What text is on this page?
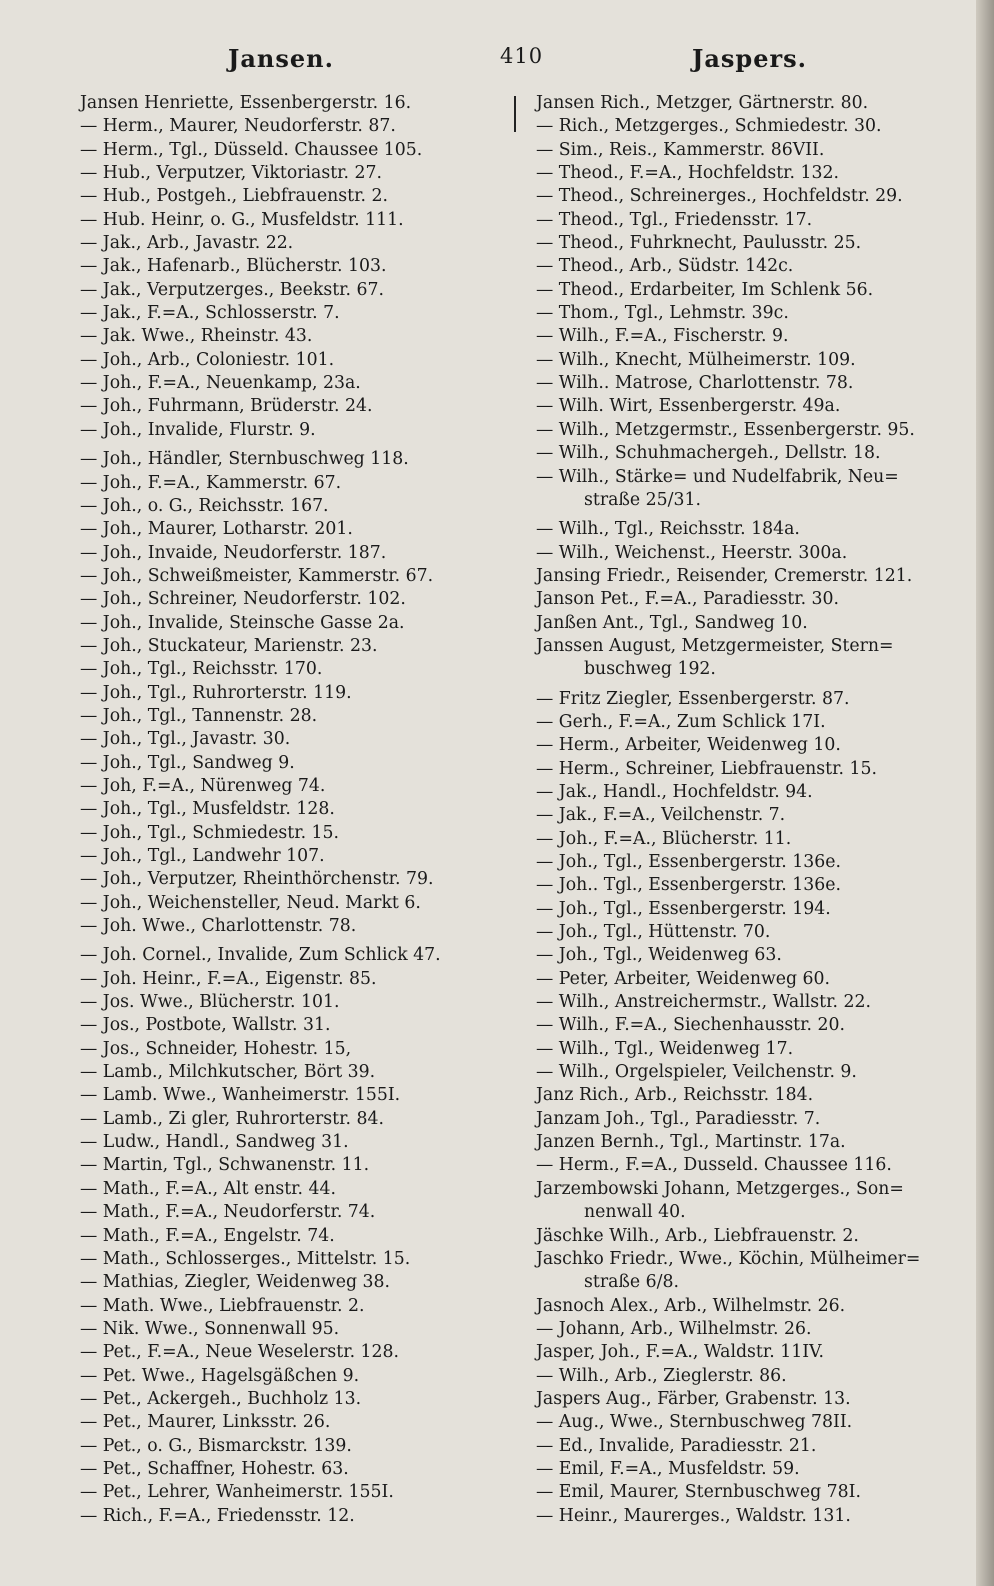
Jansen.	410	Jaspers.
Jansen Henriette, Essenbergerstr. 16.
— Herm., Maurer, Neudorferstr. 87.
— Herm., Tgl., Düsseld. Chaussee 105.
— Hub., Verputzer, Viktoriastr. 27.
— Hub., Postgeh., Liebfrauenstr. 2.
— Hub. Heinr, o. G., Musfeldstr. 111.
— Jak., Arb., Javastr. 22.
— Jak., Hafenarb., Blücherstr. 103.
— Jak., Verputzerges., Beekstr. 67.
— Jak., F.=A., Schlosserstr. 7.
— Jak. Wwe., Rheinstr. 43.
— Joh., Arb., Coloniestr. 101.
— Joh., F.=A., Neuenkamp, 23a.
— Joh., Fuhrmann, Brüderstr. 24.
— Joh., Invalide, Flurstr. 9.
— Joh., Händler, Sternbuschweg 118.
— Joh., F.=A., Kammerstr. 67.
— Joh., o. G., Reichsstr. 167.
— Joh., Maurer, Lotharstr. 201.
— Joh., Invaide, Neudorferstr. 187.
— Joh., Schweißmeister, Kammerstr. 67.
— Joh., Schreiner, Neudorferstr. 102.
— Joh., Invalide, Steinsche Gasse 2a.
— Joh., Stuckateur, Marienstr. 23.
— Joh., Tgl., Reichsstr. 170.
— Joh., Tgl., Ruhrorterstr. 119.
— Joh., Tgl., Tannenstr. 28.
— Joh., Tgl., Javastr. 30.
— Joh., Tgl., Sandweg 9.
— Joh, F.=A., Nürenweg 74.
— Joh., Tgl., Musfeldstr. 128.
— Joh., Tgl., Schmiedestr. 15.
— Joh., Tgl., Landwehr 107.
— Joh., Verputzer, Rheinthörchenstr. 79.
— Joh., Weichensteller, Neud. Markt 6.
— Joh. Wwe., Charlottenstr. 78.
— Joh. Cornel., Invalide, Zum Schlick 47.
— Joh. Heinr., F.=A., Eigenstr. 85.
— Jos. Wwe., Blücherstr. 101.
— Jos., Postbote, Wallstr. 31.
— Jos., Schneider, Hohestr. 15,
— Lamb., Milchkutscher, Bört 39.
— Lamb. Wwe., Wanheimerstr. 155I.
— Lamb., Zi gler, Ruhrorterstr. 84.
— Ludw., Handl., Sandweg 31.
— Martin, Tgl., Schwanenstr. 11.
— Math., F.=A., Alt enstr. 44.
— Math., F.=A., Neudorferstr. 74.
— Math., F.=A., Engelstr. 74.
— Math., Schlosserges., Mittelstr. 15.
— Mathias, Ziegler, Weidenweg 38.
— Math. Wwe., Liebfrauenstr. 2.
— Nik. Wwe., Sonnenwall 95.
— Pet., F.=A., Neue Weselerstr. 128.
— Pet. Wwe., Hagelsgäßchen 9.
— Pet., Ackergeh., Buchholz 13.
— Pet., Maurer, Linksstr. 26.
— Pet., o. G., Bismarckstr. 139.
— Pet., Schaffner, Hohestr. 63.
— Pet., Lehrer, Wanheimerstr. 155I.
— Rich., F.=A., Friedensstr. 12.
Jansen Rich., Metzger, Gärtnerstr. 80.
— Rich., Metzgerges., Schmiedestr. 30.
— Sim., Reis., Kammerstr. 86VII.
— Theod., F.=A., Hochfeldstr. 132.
— Theod., Schreinerges., Hochfeldstr. 29.
— Theod., Tgl., Friedensstr. 17.
— Theod., Fuhrknecht, Paulusstr. 25.
— Theod., Arb., Südstr. 142c.
— Theod., Erdarbeiter, Im Schlenk 56.
— Thom., Tgl., Lehmstr. 39c.
— Wilh., F.=A., Fischerstr. 9.
— Wilh., Knecht, Mülheimerstr. 109.
— Wilh.. Matrose, Charlottenstr. 78.
— Wilh. Wirt, Essenbergerstr. 49a.
— Wilh., Metzgermstr., Essenbergerstr. 95.
— Wilh., Schuhmachergeh., Dellstr. 18.
— Wilh., Stärke= und Nudelfabrik, Neu=
straße 25/31.
— Wilh., Tgl., Reichsstr. 184a.
— Wilh., Weichenst., Heerstr. 300a.
Jansing Friedr., Reisender, Cremerstr. 121.
Janson Pet., F.=A., Paradiesstr. 30.
Janßen Ant., Tgl., Sandweg 10.
Janssen August, Metzgermeister, Stern=
buschweg 192.
— Fritz Ziegler, Essenbergerstr. 87.
— Gerh., F.=A., Zum Schlick 17I.
— Herm., Arbeiter, Weidenweg 10.
— Herm., Schreiner, Liebfrauenstr. 15.
— Jak., Handl., Hochfeldstr. 94.
— Jak., F.=A., Veilchenstr. 7.
— Joh., F.=A., Blücherstr. 11.
— Joh., Tgl., Essenbergerstr. 136e.
— Joh.. Tgl., Essenbergerstr. 136e.
— Joh., Tgl., Essenbergerstr. 194.
— Joh., Tgl., Hüttenstr. 70.
— Joh., Tgl., Weidenweg 63.
— Peter, Arbeiter, Weidenweg 60.
— Wilh., Anstreichermstr., Wallstr. 22.
— Wilh., F.=A., Siechenhausstr. 20.
— Wilh., Tgl., Weidenweg 17.
— Wilh., Orgelspieler, Veilchenstr. 9.
Janz Rich., Arb., Reichsstr. 184.
Janzam Joh., Tgl., Paradiesstr. 7.
Janzen Bernh., Tgl., Martinstr. 17a.
— Herm., F.=A., Dusseld. Chaussee 116.
Jarzembowski Johann, Metzgerges., Son=
nenwall 40.
Jäschke Wilh., Arb., Liebfrauenstr. 2.
Jaschko Friedr., Wwe., Köchin, Mülheimer=
straße 6/8.
Jasnoch Alex., Arb., Wilhelmstr. 26.
— Johann, Arb., Wilhelmstr. 26.
Jasper, Joh., F.=A., Waldstr. 11IV.
— Wilh., Arb., Zieglerstr. 86.
Jaspers Aug., Färber, Grabenstr. 13.
— Aug., Wwe., Sternbuschweg 78II.
— Ed., Invalide, Paradiesstr. 21.
— Emil, F.=A., Musfeldstr. 59.
— Emil, Maurer, Sternbuschweg 78I.
— Heinr., Maurerges., Waldstr. 131.
